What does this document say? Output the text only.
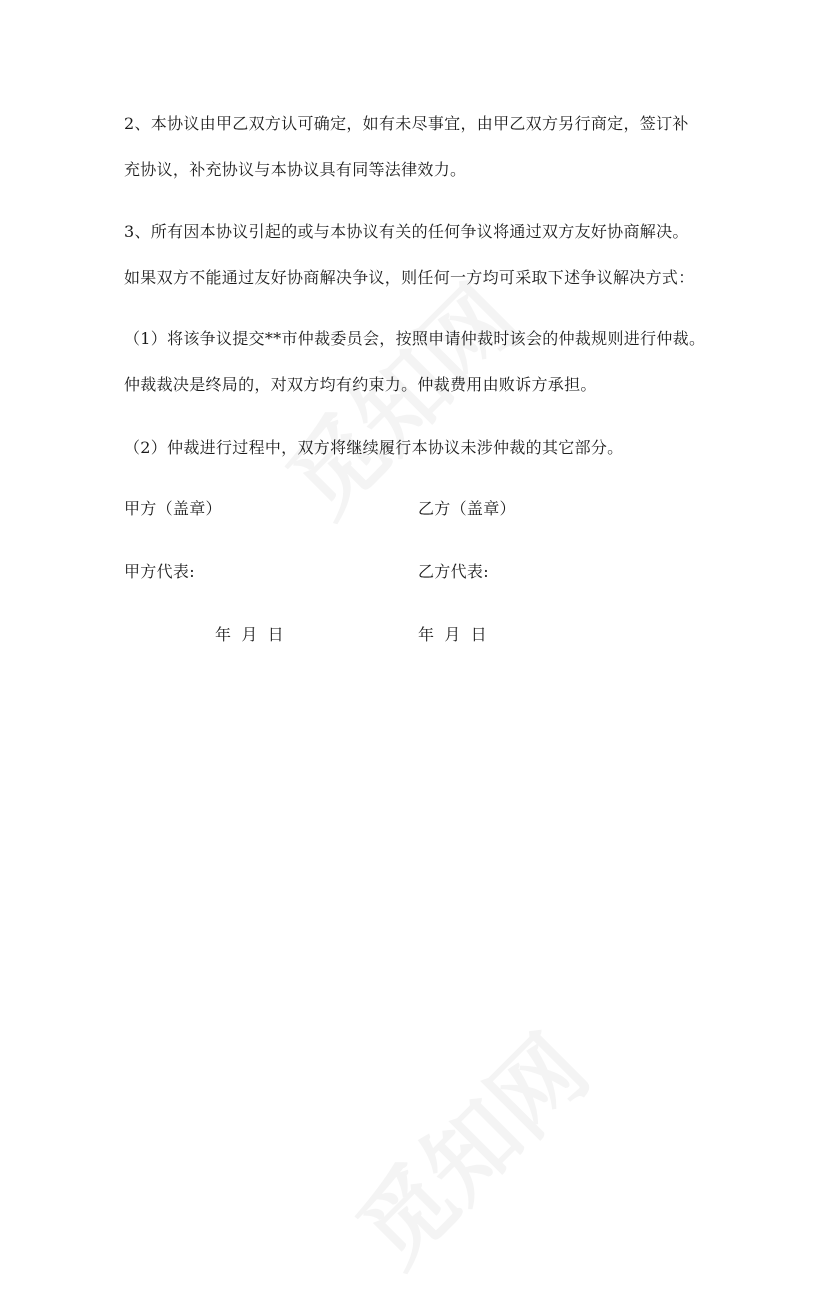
2、本协议由甲乙双方认可确定，如有未尽事宜，由甲乙双方另行商定，签订补
充协议，补充协议与本协议具有同等法律效力。
3、所有因本协议引起的或与本协议有关的任何争议将通过双方友好协商解决。
如果双方不能通过友好协商解决争议，则任何一方均可采取下述争议解决方式：
（1）将该争议提交**市仲裁委员会，按照申请仲裁时该会的仲裁规则进行仲裁。
仲裁裁决是终局的，对双方均有约束力。仲裁费用由败诉方承担。
（2）仲裁进行过程中，双方将继续履行本协议未涉仲裁的其它部分。
甲方（盖章）	乙方（盖章）
甲方代表:	乙方代表:
年 月 日	年 月 日
